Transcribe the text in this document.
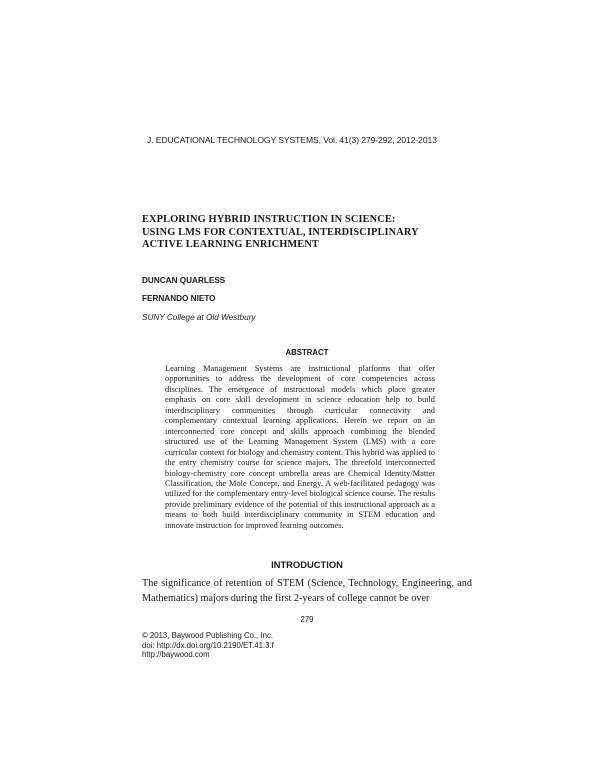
J. EDUCATIONAL TECHNOLOGY SYSTEMS, Vol. 41(3) 279-292, 2012-2013
EXPLORING HYBRID INSTRUCTION IN SCIENCE:
USING LMS FOR CONTEXTUAL, INTERDISCIPLINARY
ACTIVE LEARNING ENRICHMENT
DUNCAN QUARLESS
FERNANDO NIETO
SUNY College at Old Westbury
ABSTRACT
Learning Management Systems are instructional platforms that offer opportunities to address the development of core competencies across disciplines. The emergence of instructional models which place greater emphasis on core skill development in science education help to build interdisciplinary communities through curricular connectivity and complementary contextual learning applications. Herein we report on an interconnected core concept and skills approach combining the blended structured use of the Learning Management System (LMS) with a core curricular context for biology and chemistry content. This hybrid was applied to the entry chemistry course for science majors. The threefold interconnected biology-chemistry core concept umbrella areas are Chemical Identity/Matter Classification, the Mole Concept, and Energy. A web-facilitated pedagogy was utilized for the complementary entry-level biological science course. The results provide preliminary evidence of the potential of this instructional approach as a means to both build interdisciplinary community in STEM education and innovate instruction for improved learning outcomes.
INTRODUCTION
The significance of retention of STEM (Science, Technology, Engineering, and Mathematics) majors during the first 2-years of college cannot be over
279
© 2013, Baywood Publishing Co., Inc.
doi: http://dx.doi.org/10.2190/ET.41.3.f
http://baywood.com
